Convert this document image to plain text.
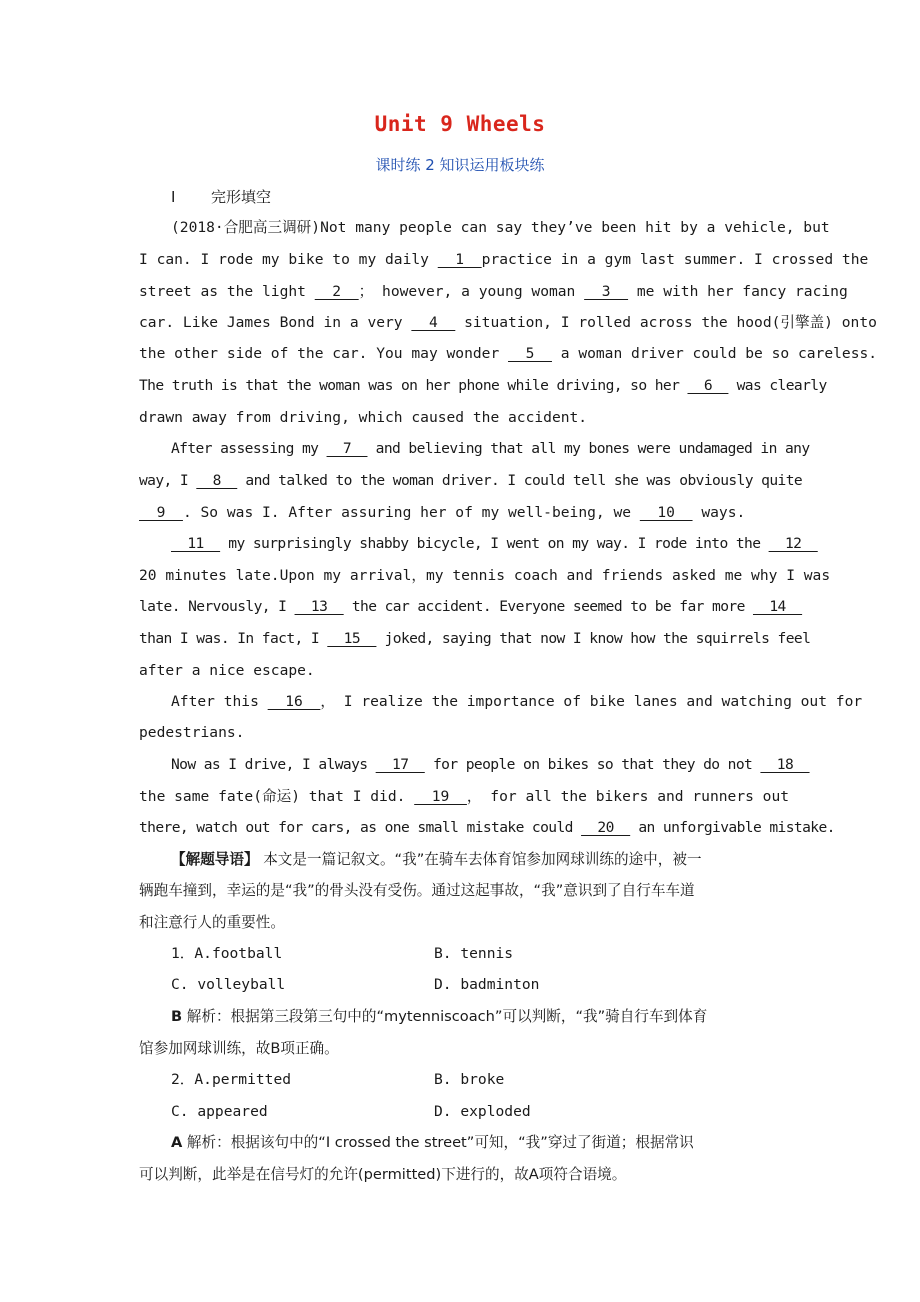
Unit 9 Wheels
课时练 2 知识运用板块练
Ⅰ 完形填空
(2018·合肥高三调研)Not many people can say they’ve been hit by a vehicle, but
I can. I rode my bike to my daily   1  practice in a gym last summer. I crossed the
street as the light   2  ； however, a young woman   3   me with her fancy racing
car. Like James Bond in a very   4   situation, I rolled across the hood(引擎盖) onto
the other side of the car. You may wonder   5   a woman driver could be so careless.
The truth is that the woman was on her phone while driving, so her   6   was clearly
drawn away from driving, which caused the accident.
After assessing my   7   and believing that all my bones were undamaged in any
way, I   8   and talked to the woman driver. I could tell she was obviously quite
9  . So was I. After assuring her of my well-being, we   10   ways.
11   my surprisingly shabby bicycle, I went on my way. I rode into the   12
20 minutes late.Upon my arrival，my tennis coach and friends asked me why I was
late. Nervously, I   13   the car accident. Everyone seemed to be far more   14
than I was. In fact, I   15   joked, saying that now I know how the squirrels feel
after a nice escape.
After this   16  ， I realize the importance of bike lanes and watching out for
pedestrians.
Now as I drive, I always   17   for people on bikes so that they do not   18
the same fate(命运) that I did.   19  ， for all the bikers and runners out
there, watch out for cars, as one small mistake could   20   an unforgivable mistake.
【解题导语】 本文是一篇记叙文。“我”在骑车去体育馆参加网球训练的途中，被一
辆跑车撞到，幸运的是“我”的骨头没有受伤。通过这起事故，“我”意识到了自行车车道
和注意行人的重要性。
1．A.football	B. tennis
C. volleyball	D. badminton
B 解析：根据第三段第三句中的“mytenniscoach”可以判断，“我”骑自行车到体育
馆参加网球训练，故B项正确。
2．A.permitted	B. broke
C. appeared	D. exploded
A 解析：根据该句中的“I crossed the street”可知，“我”穿过了街道；根据常识
可以判断，此举是在信号灯的允许(permitted)下进行的，故A项符合语境。
